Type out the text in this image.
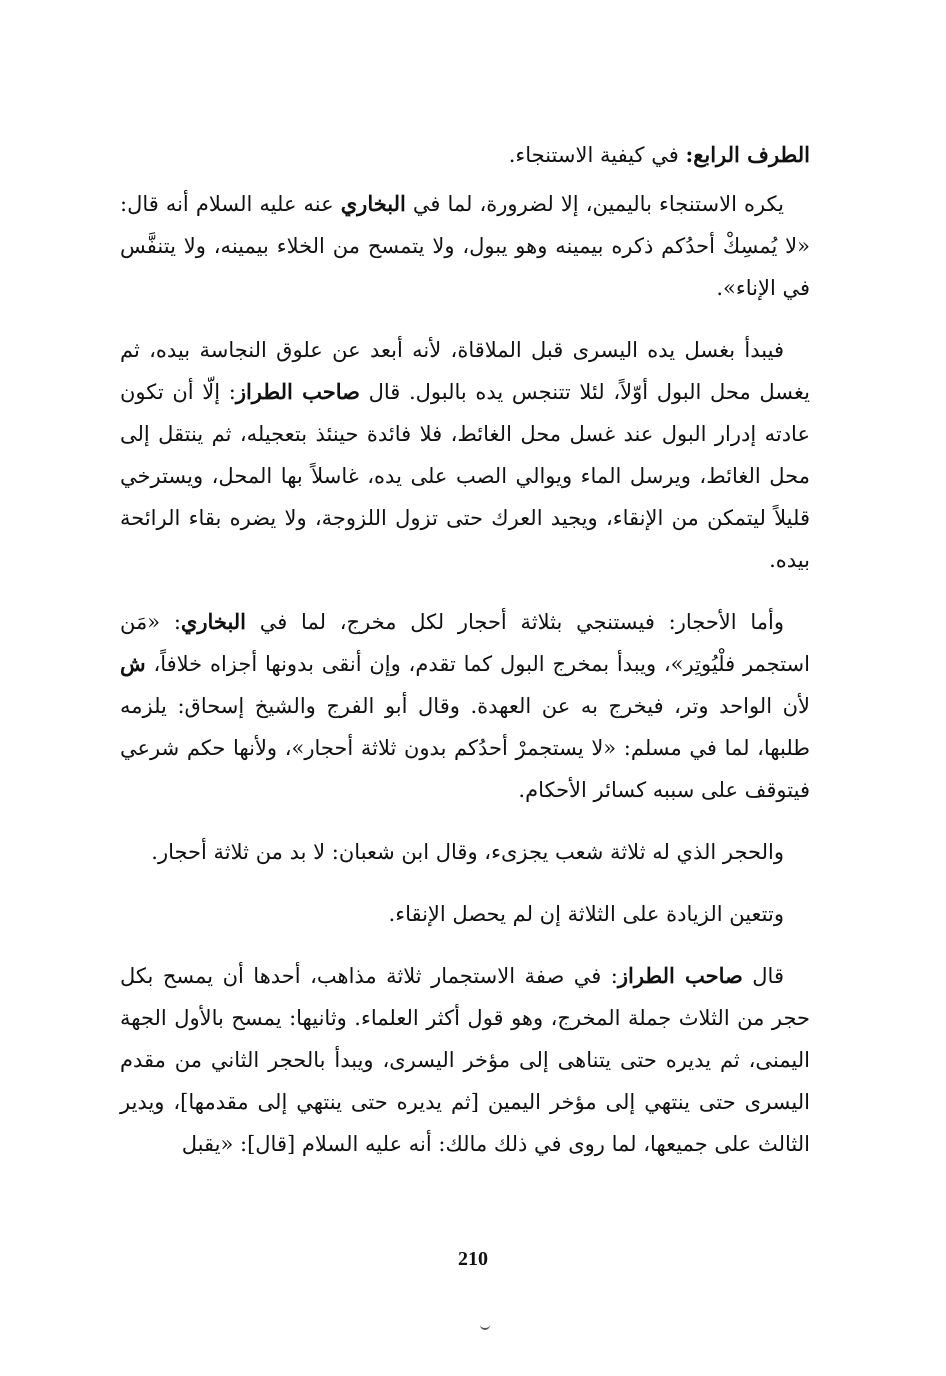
الطرف الرابع: في كيفية الاستنجاء.

يكره الاستنجاء باليمين، إلا لضرورة، لما في البخاري عنه عليه السلام أنه قال: «لا يُمسِكْ أحدُكم ذكره بيمينه وهو يبول، ولا يتمسح من الخلاء بيمينه، ولا يتنفَّس في الإناء».

فيبدأ بغسل يده اليسرى قبل الملاقاة، لأنه أبعد عن علوق النجاسة بيده، ثم يغسل محل البول أوّلاً، لئلا تتنجس يده بالبول. قال صاحب الطراز: إلّا أن تكون عادته إدرار البول عند غسل محل الغائط، فلا فائدة حينئذ بتعجيله، ثم ينتقل إلى محل الغائط، ويرسل الماء ويوالي الصب على يده، غاسلاً بها المحل، ويسترخي قليلاً ليتمكن من الإنقاء، ويجيد العرك حتى تزول اللزوجة، ولا يضره بقاء الرائحة بيده.

وأما الأحجار: فيستنجي بثلاثة أحجار لكل مخرج، لما في البخاري: «مَن استجمر فلْيُوتِر»، ويبدأ بمخرج البول كما تقدم، وإن أنقى بدونها أجزاه خلافاً، ش لأن الواحد وتر، فيخرج به عن العهدة. وقال أبو الفرج والشيخ إسحاق: يلزمه طلبها، لما في مسلم: «لا يستجمرْ أحدُكم بدون ثلاثة أحجار»، ولأنها حكم شرعي فيتوقف على سببه كسائر الأحكام.

والحجر الذي له ثلاثة شعب يجزىء، وقال ابن شعبان: لا بد من ثلاثة أحجار.

وتتعين الزيادة على الثلاثة إن لم يحصل الإنقاء.

قال صاحب الطراز: في صفة الاستجمار ثلاثة مذاهب، أحدها أن يمسح بكل حجر من الثلاث جملة المخرج، وهو قول أكثر العلماء. وثانيها: يمسح بالأول الجهة اليمنى، ثم يديره حتى يتناهى إلى مؤخر اليسرى، ويبدأ بالحجر الثاني من مقدم اليسرى حتى ينتهي إلى مؤخر اليمين [ثم يديره حتى ينتهي إلى مقدمها]، ويدير الثالث على جميعها، لما روى في ذلك مالك: أنه عليه السلام [قال]: «يقبل

210
